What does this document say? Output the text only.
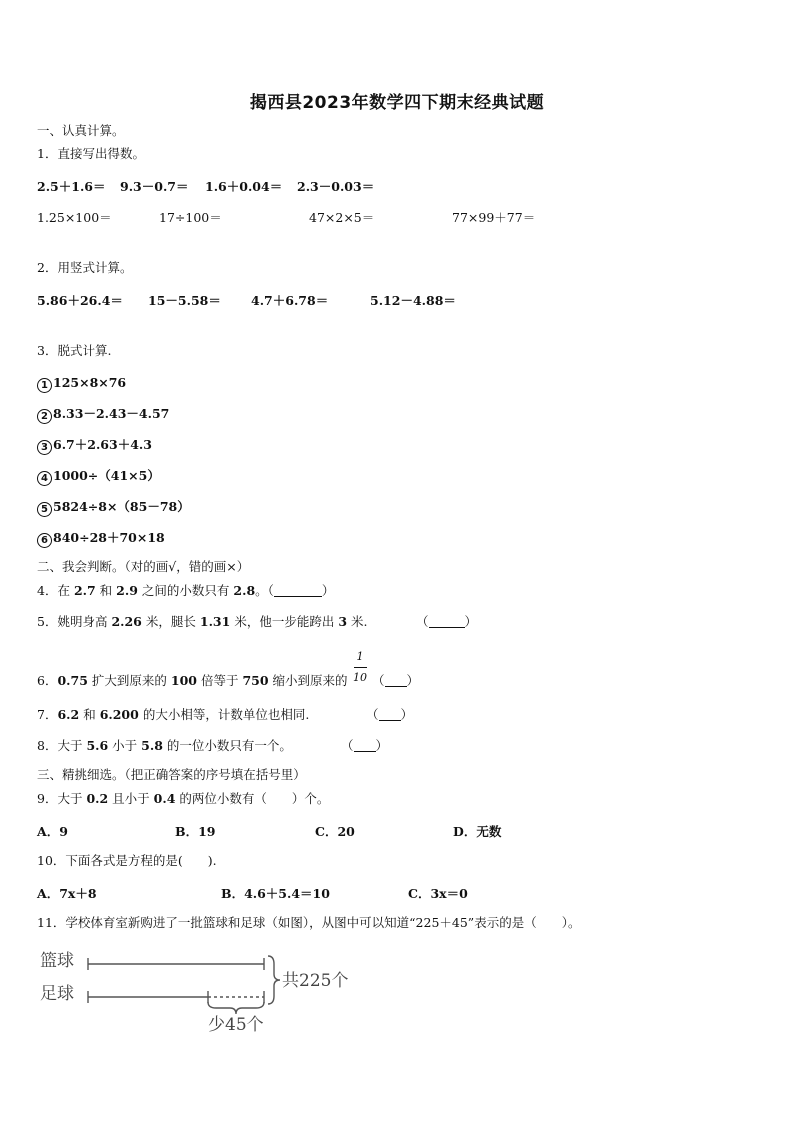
揭西县2023年数学四下期末经典试题
一、认真计算。
1．直接写出得数。
2.5＋1.6＝ 9.3－0.7＝ 1.6＋0.04＝ 2.3－0.03＝
1.25×100＝	17÷100＝	47×2×5＝	77×99＋77＝
2．用竖式计算。
5.86＋26.4＝ 15－5.58＝ 4.7＋6.78＝	5.12－4.88＝
3．脱式计算.
1 125×8×76
2 8.33－2.43－4.57
3 6.7＋2.63＋4.3
4 1000÷（41×5）
5 5824÷8×（85－78）
6 840÷28＋70×18
二、我会判断。（对的画√，错的画×）
4．在 2.7 和 2.9 之间的小数只有 2.8。（	）
5．姚明身高 2.26 米，腿长 1.31 米，他一步能跨出 3 米.	（	）
6．0.75 扩大到原来的 100 倍等于 750 缩小到原来的
1
10 （ ）
7．6.2 和 6.200 的大小相等，计数单位也相同.	（ ）
8．大于 5.6 小于 5.8 的一位小数只有一个。	（ ）
三、精挑细选。（把正确答案的序号填在括号里）
9．大于 0.2 且小于 0.4 的两位小数有（　　）个。
A．9	B．19	C．20	D．无数
10．下面各式是方程的是(　　).
A．7x＋8	B．4.6＋5.4＝10	C．3x＝0
11．学校体育室新购进了一批篮球和足球（如图），从图中可以知道“225＋45”表示的是（　　）。
篮球
足球
共225个
少45个
